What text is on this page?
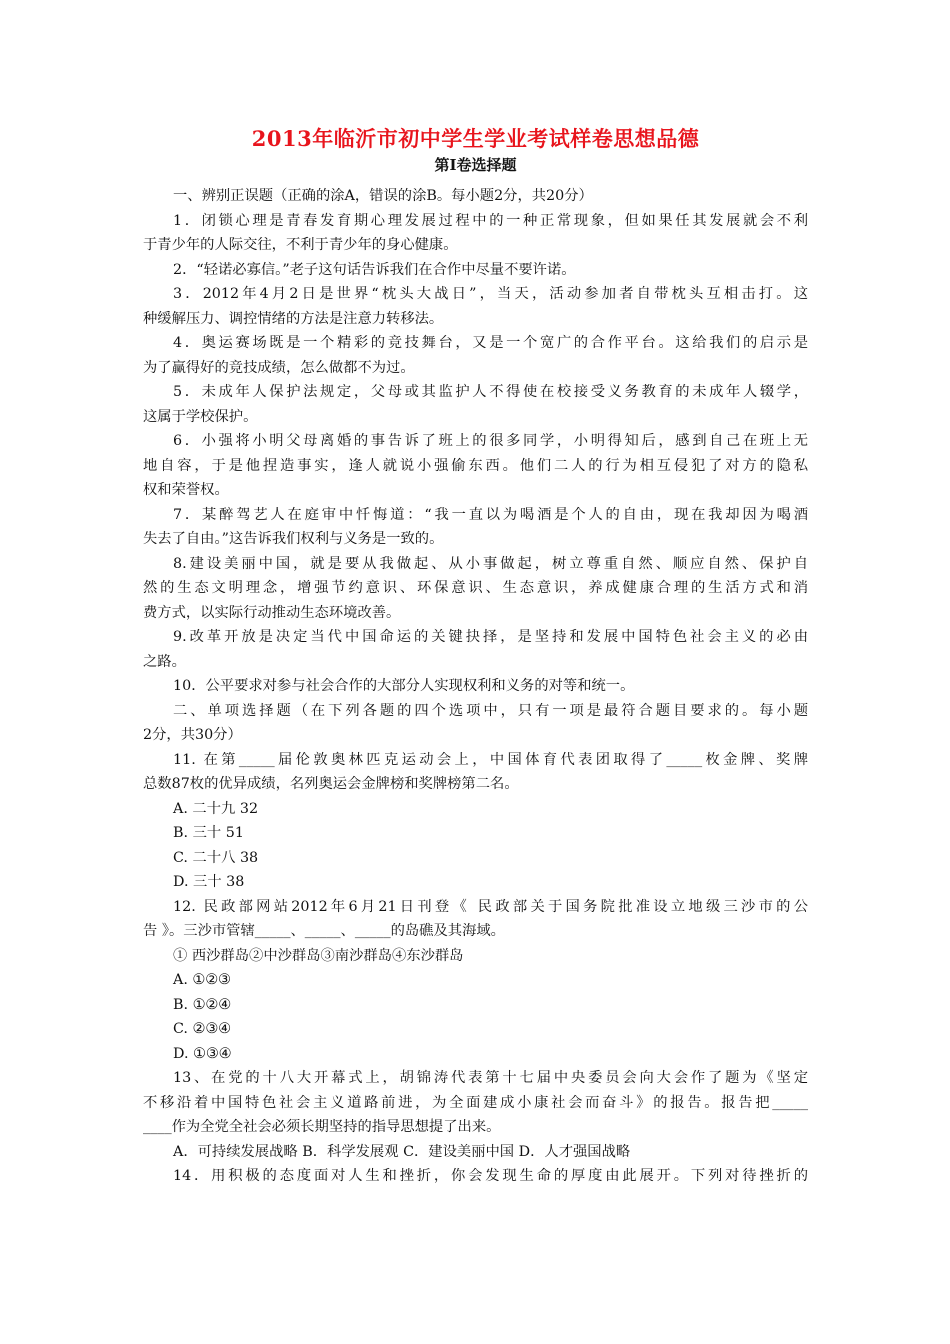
2013年临沂市初中学生学业考试样卷思想品德
第Ⅰ卷选择题

一、辨别正误题（正确的涂A，错误的涂B。每小题2分，共20分）

1．闭锁心理是青春发育期心理发展过程中的一种正常现象，但如果任其发展就会不利

于青少年的人际交往，不利于青少年的身心健康。

2．“轻诺必寡信。”老子这句话告诉我们在合作中尽量不要许诺。

3．2012年4月2日是世界“枕头大战日”，当天，活动参加者自带枕头互相击打。这

种缓解压力、调控情绪的方法是注意力转移法。

4．奥运赛场既是一个精彩的竞技舞台，又是一个宽广的合作平台。这给我们的启示是

为了赢得好的竞技成绩，怎么做都不为过。

5．未成年人保护法规定，父母或其监护人不得使在校接受义务教育的未成年人辍学，

这属于学校保护。

6．小强将小明父母离婚的事告诉了班上的很多同学，小明得知后，感到自己在班上无

地自容，于是他捏造事实，逢人就说小强偷东西。他们二人的行为相互侵犯了对方的隐私

权和荣誉权。

7．某醉驾艺人在庭审中忏悔道：“我一直以为喝酒是个人的自由，现在我却因为喝酒

失去了自由。”这告诉我们权利与义务是一致的。

8.建设美丽中国，就是要从我做起、从小事做起，树立尊重自然、顺应自然、保护自

然的生态文明理念，增强节约意识、环保意识、生态意识，养成健康合理的生活方式和消

费方式，以实际行动推动生态环境改善。

9.改革开放是决定当代中国命运的关键抉择，是坚持和发展中国特色社会主义的必由

之路。

10．公平要求对参与社会合作的大部分人实现权利和义务的对等和统一。

二、单项选择题（在下列各题的四个选项中，只有一项是最符合题目要求的。每小题

2分，共30分）

11. 在第_____届伦敦奥林匹克运动会上，中国体育代表团取得了_____枚金牌、奖牌

总数87枚的优异成绩，名列奥运会金牌榜和奖牌榜第二名。

A. 二十九 32

B. 三十 51

C. 二十八 38

D. 三十 38

12. 民政部网站2012年6月21日刊登《 民政部关于国务院批准设立地级三沙市的公

告 》。三沙市管辖_____、_____、_____的岛礁及其海域。

① 西沙群岛②中沙群岛③南沙群岛④东沙群岛

A. ①②③

B. ①②④

C. ②③④

D. ①③④

13、在党的十八大开幕式上，胡锦涛代表第十七届中央委员会向大会作了题为《坚定

不移沿着中国特色社会主义道路前进，为全面建成小康社会而奋斗》的报告。报告把_____

____作为全党全社会必须长期坚持的指导思想提了出来。

A．可持续发展战略 B．科学发展观 C．建设美丽中国 D．人才强国战略

14．用积极的态度面对人生和挫折，你会发现生命的厚度由此展开。下列对待挫折的
